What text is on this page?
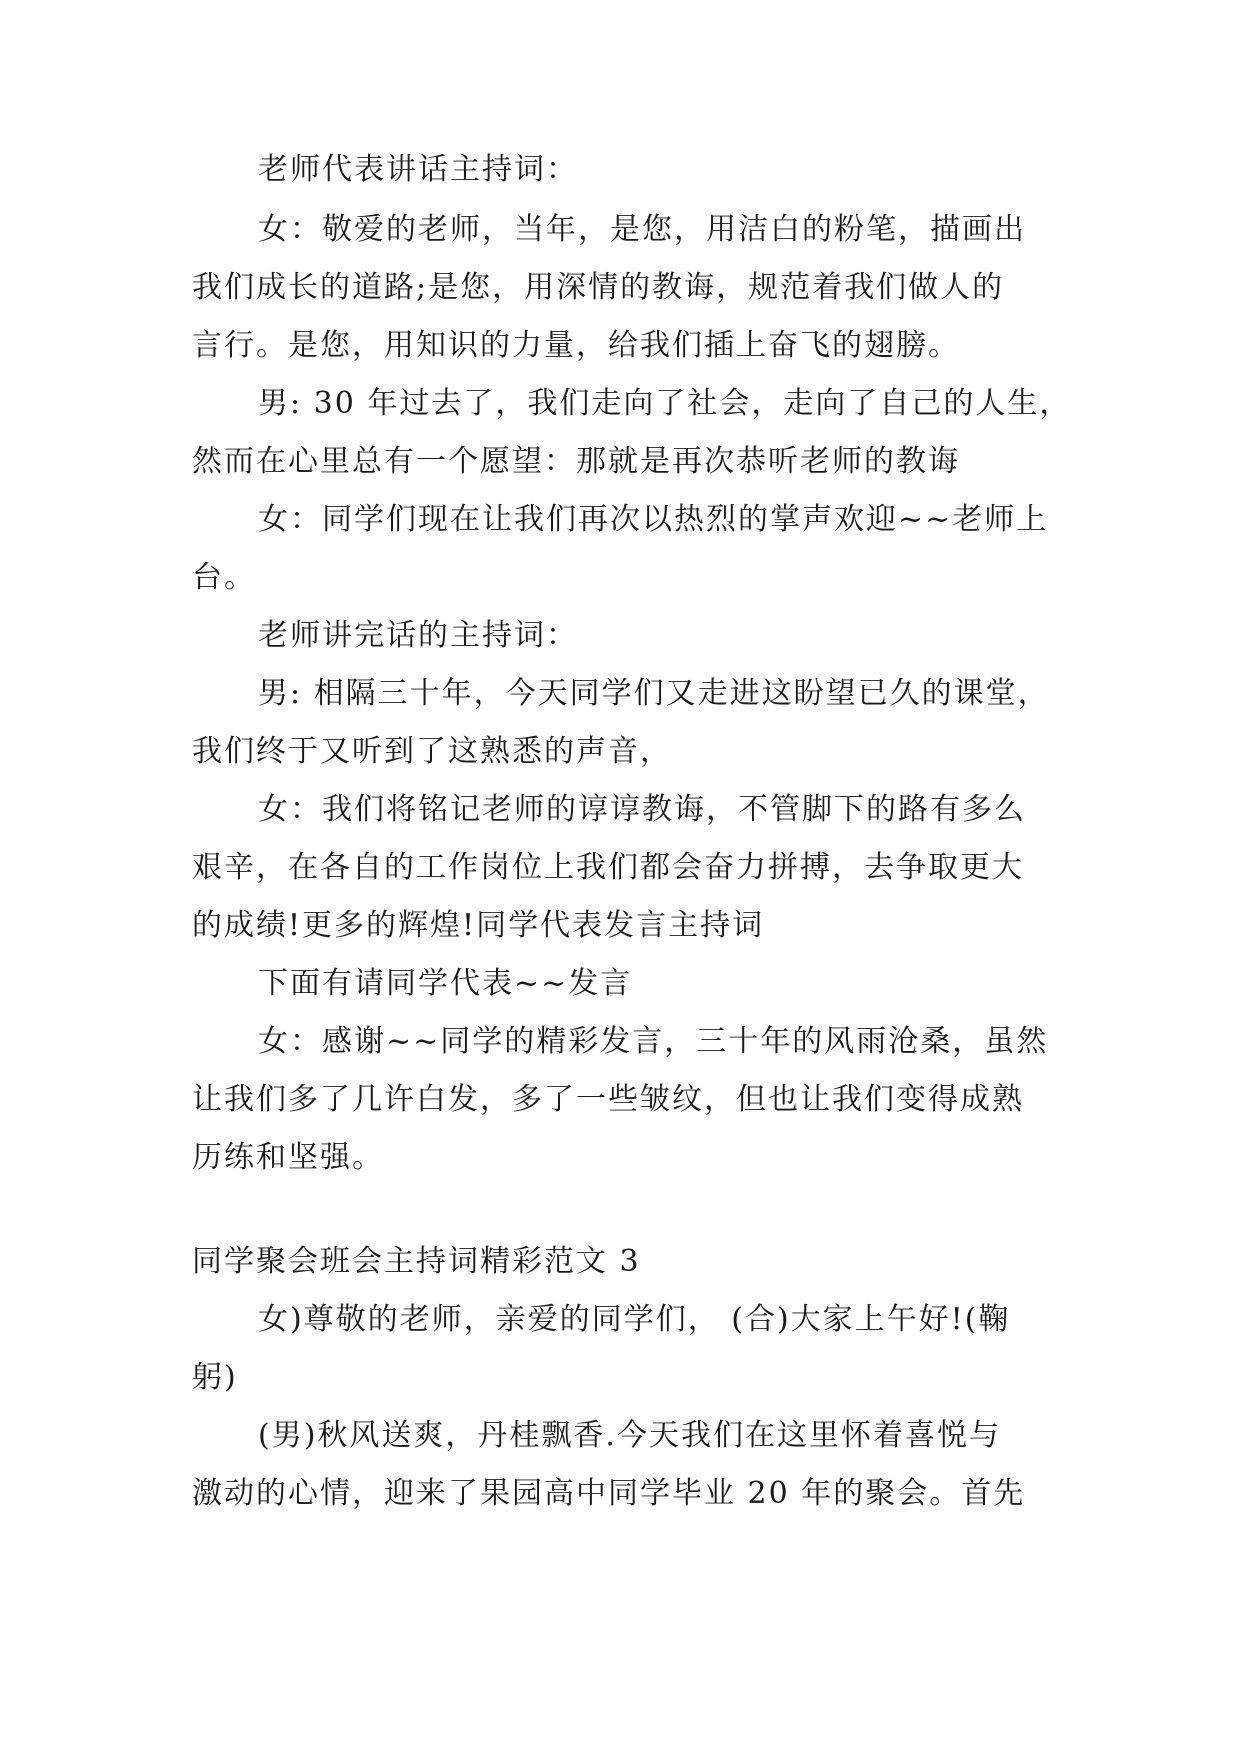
老师代表讲话主持词：
女：敬爱的老师，当年，是您，用洁白的粉笔，描画出
我们成长的道路;是您，用深情的教诲，规范着我们做人的
言行。是您，用知识的力量，给我们插上奋飞的翅膀。
男: 30 年过去了，我们走向了社会，走向了自己的人生，
然而在心里总有一个愿望：那就是再次恭听老师的教诲
女：同学们现在让我们再次以热烈的掌声欢迎~~老师上
台。
老师讲完话的主持词：
男: 相隔三十年，今天同学们又走进这盼望已久的课堂，
我们终于又听到了这熟悉的声音，
女：我们将铭记老师的谆谆教诲，不管脚下的路有多么
艰辛，在各自的工作岗位上我们都会奋力拼搏，去争取更大
的成绩!更多的辉煌!同学代表发言主持词
下面有请同学代表~~发言
女：感谢~~同学的精彩发言，三十年的风雨沧桑，虽然
让我们多了几许白发，多了一些皱纹，但也让我们变得成熟
历练和坚强。
同学聚会班会主持词精彩范文 3
女)尊敬的老师，亲爱的同学们， (合)大家上午好!(鞠
躬)
(男)秋风送爽，丹桂飘香.今天我们在这里怀着喜悦与
激动的心情，迎来了果园高中同学毕业 20 年的聚会。首先
